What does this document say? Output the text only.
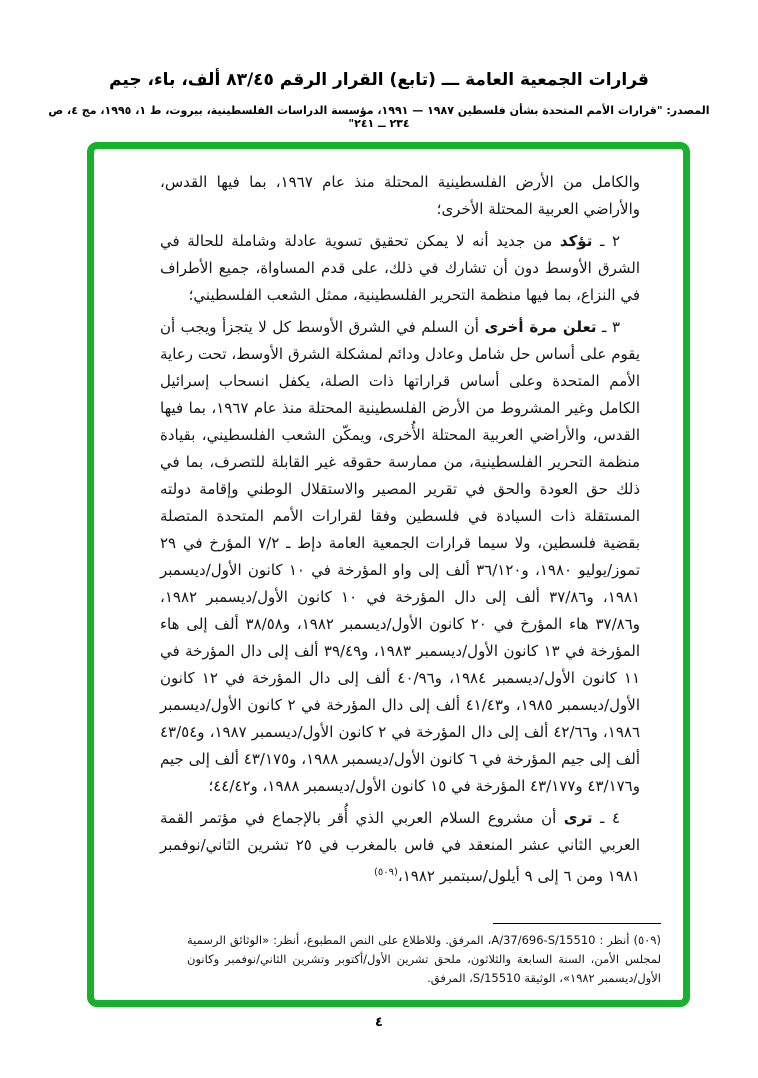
قرارات الجمعية العامة ـــ (تابع) القرار الرقم ٨٣/٤٥ ألف، باء، جيم
المصدر: "قرارات الأمم المتحدة بشأن فلسطين ١٩٨٧ — ١٩٩١، مؤسسة الدراسات الفلسطينية، بيروت، ط ١، ١٩٩٥، مج ٤، ص ٢٣٤ ــ ٢٤١"

والكامل من الأرض الفلسطينية المحتلة منذ عام ١٩٦٧، بما فيها القدس، والأراضي العربية المحتلة الأخرى؛

٢ ـ تؤكد من جديد أنه لا يمكن تحقيق تسوية عادلة وشاملة للحالة في الشرق الأوسط دون أن تشارك في ذلك، على قدم المساواة، جميع الأطراف في النزاع، بما فيها منظمة التحرير الفلسطينية، ممثل الشعب الفلسطيني؛

٣ ـ تعلن مرة أخرى أن السلم في الشرق الأوسط كل لا يتجزأ ويجب أن يقوم على أساس حل شامل وعادل ودائم لمشكلة الشرق الأوسط، تحت رعاية الأمم المتحدة وعلى أساس قراراتها ذات الصلة، يكفل انسحاب إسرائيل الكامل وغير المشروط من الأرض الفلسطينية المحتلة منذ عام ١٩٦٧، بما فيها القدس، والأراضي العربية المحتلة الأُخرى، ويمكّن الشعب الفلسطيني، بقيادة منظمة التحرير الفلسطينية، من ممارسة حقوقه غير القابلة للتصرف، بما في ذلك حق العودة والحق في تقرير المصير والاستقلال الوطني وإقامة دولته المستقلة ذات السيادة في فلسطين وفقا لقرارات الأمم المتحدة المتصلة بقضية فلسطين، ولا سيما قرارات الجمعية العامة دإط ـ ٧/٢ المؤرخ في ٢٩ تموز/يوليو ١٩٨٠، و٣٦/١٢٠ ألف إلى واو المؤرخة في ١٠ كانون الأول/ديسمبر ١٩٨١، و٣٧/٨٦ ألف إلى دال المؤرخة في ١٠ كانون الأول/ديسمبر ١٩٨٢، و٣٧/٨٦ هاء المؤرخ في ٢٠ كانون الأول/ديسمبر ١٩٨٢، و٣٨/٥٨ ألف إلى هاء المؤرخة في ١٣ كانون الأول/ديسمبر ١٩٨٣، و٣٩/٤٩ ألف إلى دال المؤرخة في ١١ كانون الأول/ديسمبر ١٩٨٤، و٤٠/٩٦ ألف إلى دال المؤرخة في ١٢ كانون الأول/ديسمبر ١٩٨٥، و٤١/٤٣ ألف إلى دال المؤرخة في ٢ كانون الأول/ديسمبر ١٩٨٦، و٤٢/٦٦ ألف إلى دال المؤرخة في ٢ كانون الأول/ديسمبر ١٩٨٧، و٤٣/٥٤ ألف إلى جيم المؤرخة في ٦ كانون الأول/ديسمبر ١٩٨٨، و٤٣/١٧٥ ألف إلى جيم و٤٣/١٧٦ و٤٣/١٧٧ المؤرخة في ١٥ كانون الأول/ديسمبر ١٩٨٨، و٤٤/٤٢؛

٤ ـ ترى أن مشروع السلام العربي الذي أُقر بالإجماع في مؤتمر القمة العربي الثاني عشر المنعقد في فاس بالمغرب في ٢٥ تشرين الثاني/نوفمبر ١٩٨١ ومن ٦ إلى ٩ أيلول/سبتمبر ١٩٨٢،$^{(٥٠٩)}$

(٥٠٩) أنظر : A/37/696-S/15510، المرفق. وللاطلاع على النص المطبوع، أنظر: «الوثائق الرسمية لمجلس الأمن، السنة السابعة والثلاثون، ملحق تشرين الأول/أكتوبر وتشرين الثاني/نوفمبر وكانون الأول/ديسمبر ١٩٨٢»، الوثيقة S/15510، المرفق.
٤
